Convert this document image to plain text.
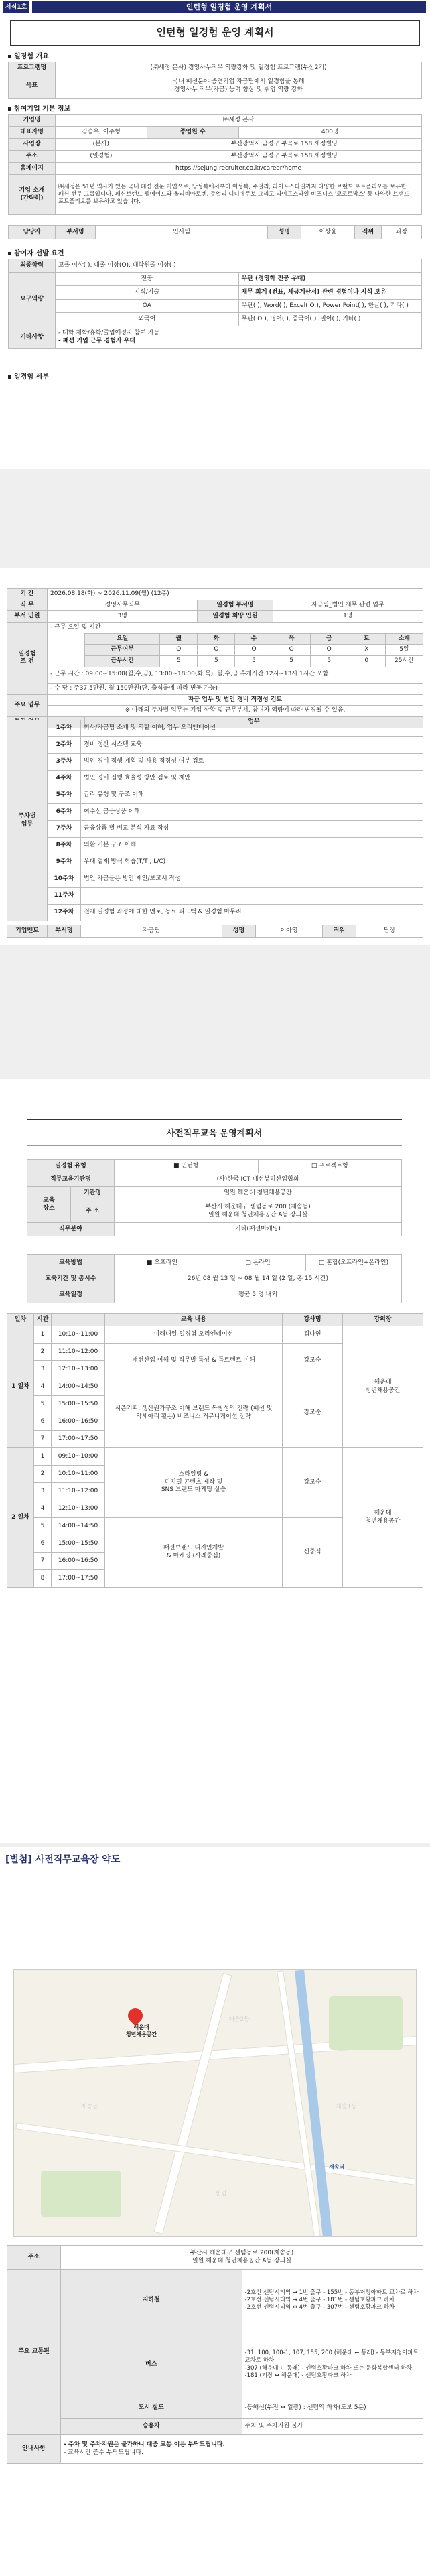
서식1호	인턴형 일경험 운영 계획서
인턴형 일경험 운영 계획서
일경험 개요
프로그램명	(㈜세정 본사) 경영사무직무 역량강화 및 일경험 프로그램(부산2기)
목표	국내 패션분야 중견기업 자금팀에서 일경험을 통해
경영사무 직무(자금) 능력 향상 및 취업 역량 강화
참여기업 기본 정보
기업명	㈜세정 본사		
대표자명	김승우, 이주형	종업원 수	400명
사업장	(본사)	부산광역시 금정구 부곡로 158 세정빌딩	
주소	(일경험)	부산광역시 금정구 부곡로 158 세정빌딩	
홈페이지	https://sejung.recruiter.co.kr/career/home		

기업 소개
(간략히)	㈜세정은 51년 역사가 있는 국내 패션 전문 기업으로, 남성복에서부터 여성복, 주얼리, 라이프스타일까지 다양한 브랜드 포트폴리오를 보유한 패션 선두 그룹입니다. 패션브랜드 웰메이드와 올리비아로렌, 주얼리 디디에두보 그리고 라이프스타일 비즈니스 '코코로박스' 등 다양한 브랜드 포트폴리오를 보유하고 있습니다.		
담당자	부서명	인사팀	성명	이상윤	직위	과장
참여자 선발 요건
최종학력	고졸 이상( ), 대졸 이상(O), 대학원졸 이상( )	
요구역량	전공	무관 (경영학 전공 우대)
	지식/기술	재무 회계 (전표, 세금계산서) 관련 경험이나 지식 보유
	OA	무관( ), Word( ), Excel( O ), Power Point( ), 한글( ), 기타( )
	외국어	무관( O ), 영어( ), 중국어( ), 일어( ), 기타( )
기타사항	- 대학 재학/휴학/졸업예정자 참여 가능
- 패션 기업 근무 경험자 우대	
일경험 세부
기 간	2026.08.18(화) ~ 2026.11.09(월) (12주)								
직 무	경영사무직무			일경험 부서명		자금팀_법인 재무 관련 업무			
부서 인원	3명			일경험 희망 인원		1명			

일경험
조 건	- 근무 요일 및 시간								
		요일	월	화	수	목	금	토	소계
		근무여부	O	O	O	O	O	X	5일
		근무시간	5	5	5	5	5	0	25시간
	- 근무 시간 : 09:00~15:00(월,수,금), 13:00~18:00(화,목), 월,수,금 휴게시간 12시~13시 1시간 포함								
	- 수 당 : 주37.5만원, 월 150만원(단, 출석률에 따라 변동 가능)								
주요 업무	자금 업무 및 법인 경비 적정성 검토								
	※ 아래의 주차별 업무는 기업 상황 및 근무부서, 참여자 역량에 따라 변경될 수 있음.								
		업무							
주차별
업무	1주차	회사/자금팀 소개 및 역할 이해, 업무 오리엔테이션
	2주차	경비 정산 시스템 교육
	3주차	법인 경비 집행 계획 및 사용 적정성 여부 검토
	4주차	법인 경비 집행 효율성 방안 검토 및 제안
	5주차	급리 유형 및 구조 이해
	6주차	여수신 금융상품 이해
	7주차	금융상품 별 비교 분석 자료 작성
	8주차	외환 기본 구조 이해
	9주차	우대 결제 방식 학습(T/T , L/C)
	10주차	법인 자금운용 방안 제안/보고서 작성
	11주차	
	12주차	전체 일경험 과정에 대한 멘토, 동료 피드백 & 일경험 마무리
기업멘토	부서명	자금팀	성명	이아영	직위	팀장
사전직무교육 운영계획서
일경험 유형		■ 인턴형	□ 프로젝트형
직무교육기관명		(사)한국 ICT 패션뷰티산업협회	

교육
장소	기관명	일원 해운대 청년채용공간	
	주 소	부산시 해운대구 센텀동로 200 (재송동)
일원 해운대 청년채용공간 A동 강의실	

직무분야		기타(패션마케팅)	
교육방법	■ 오프라인	□ 온라인	□ 혼합(오프라인+온라인)
교육기간 및 총시수	26년 08 월 13 일 ~ 08 월 14 일 (2 일, 총 15 시간)		
교육일정	평균 5 명 내외		
일차	시간		교육 내용	강사명	강의장
1 일차	1	10:10~11:00	미래내일 일경험 오리엔테이션	김나연	해운대
청년채용공간
	2	11:10~12:00	패션산업 이해 및 직무별 특성 & 틈트렌트 이해	강모순	
	3	12:10~13:00			
	4	14:00~14:50	시즌기획, 생산원가구조 이해 브랜드 독창성의 전략 (패션 및 악세아리 활용) 비즈니스 커뮤니케이션 전략	강모순	
	5	15:00~15:50			
	6	16:00~16:50			
	7	17:00~17:50			
2 일차	1	09:10~10:00	스타일링 &
디지털 콘텐츠 제작 및
SNS 브랜드 마케팅 실습	강모순	해운대
청년채용공간
	2	10:10~11:00			
	3	11:10~12:00			
	4	12:10~13:00			
	5	14:00~14:50	패션브랜드 디지인개발
& 마케팅 (사례중심)	신중식	
	6	15:00~15:50			
	7	16:00~16:50			
	8	17:00~17:50			
[별첨] 사전직무교육장 약도
해운대
청년채용공간
재송동
재송2동
재송1동
센텀
재송역
주소	부산시 해운대구 센텀동로 200(재송동)
일원 해운대 청년채용공간 A동 강의실	

주요 교통편	지하철	-2호선 센텀시티역 → 1번 출구 - 155번 - 동부저청아파트 교차로 하차
-2호선 센텀시티역 → 4번 출구 - 181번 - 센텀호황파크 하차
-2호선 센텀시티역 ↔ 4번 출구 - 307번 - 센텀호황파크 하차
	버스	-31, 100, 100-1, 107, 155, 200 (해운대 ← 동래) - 동부저청아파트 교차로 하차
-307 (해운대 ← 동래) - 센텀호황파크 하차 또는 문화복합센터 하차
-181 (기장 ↔ 해운대) - 센텀호황파크 하차
	도시 철도	-동해선(부전 ↔ 일광) : 센텀역 하차(도보 5분)
	승용차	주차 및 주차지원 불가
안내사항	- 주차 및 주차지원은 불가하니 대중 교통 이용 부탁드립니다.
- 교육시간 준수 부탁드립니다.	
